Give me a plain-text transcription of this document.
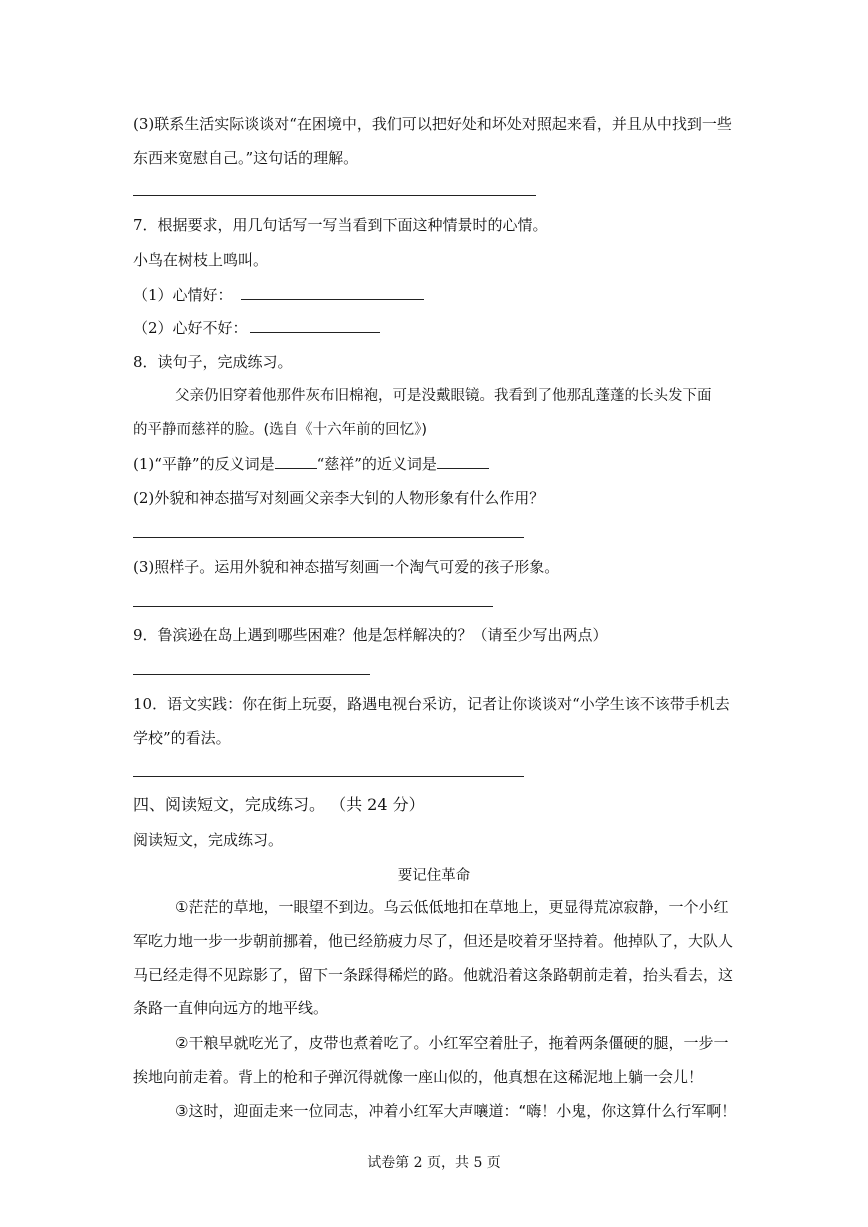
(3)联系生活实际谈谈对“在困境中，我们可以把好处和坏处对照起来看，并且从中找到一些
东西来宽慰自己。”这句话的理解。
7．根据要求，用几句话写一写当看到下面这种情景时的心情。
小鸟在树枝上鸣叫。
（1）心情好：
（2）心好不好：
8．读句子，完成练习。
父亲仍旧穿着他那件灰布旧棉袍，可是没戴眼镜。我看到了他那乱蓬蓬的长头发下面
的平静而慈祥的脸。(选自《十六年前的回忆》)
(1)“平静”的反义词是	“慈祥”的近义词是
(2)外貌和神态描写对刻画父亲李大钊的人物形象有什么作用？
(3)照样子。运用外貌和神态描写刻画一个淘气可爱的孩子形象。
9．鲁滨逊在岛上遇到哪些困难？他是怎样解决的？（请至少写出两点）
10．语文实践：你在街上玩耍，路遇电视台采访，记者让你谈谈对“小学生该不该带手机去
学校”的看法。
四、阅读短文，完成练习。 （共 24 分）
阅读短文，完成练习。
要记住革命
①茫茫的草地，一眼望不到边。乌云低低地扣在草地上，更显得荒凉寂静，一个小红
军吃力地一步一步朝前挪着，他已经筋疲力尽了，但还是咬着牙坚持着。他掉队了，大队人
马已经走得不见踪影了，留下一条踩得稀烂的路。他就沿着这条路朝前走着，抬头看去，这
条路一直伸向远方的地平线。
②干粮早就吃光了，皮带也煮着吃了。小红军空着肚子，拖着两条僵硬的腿，一步一
挨地向前走着。背上的枪和子弹沉得就像一座山似的，他真想在这稀泥地上躺一会儿！
③这时，迎面走来一位同志，冲着小红军大声嚷道：“嗨！小鬼，你这算什么行军啊！
试卷第 2 页，共 5 页
